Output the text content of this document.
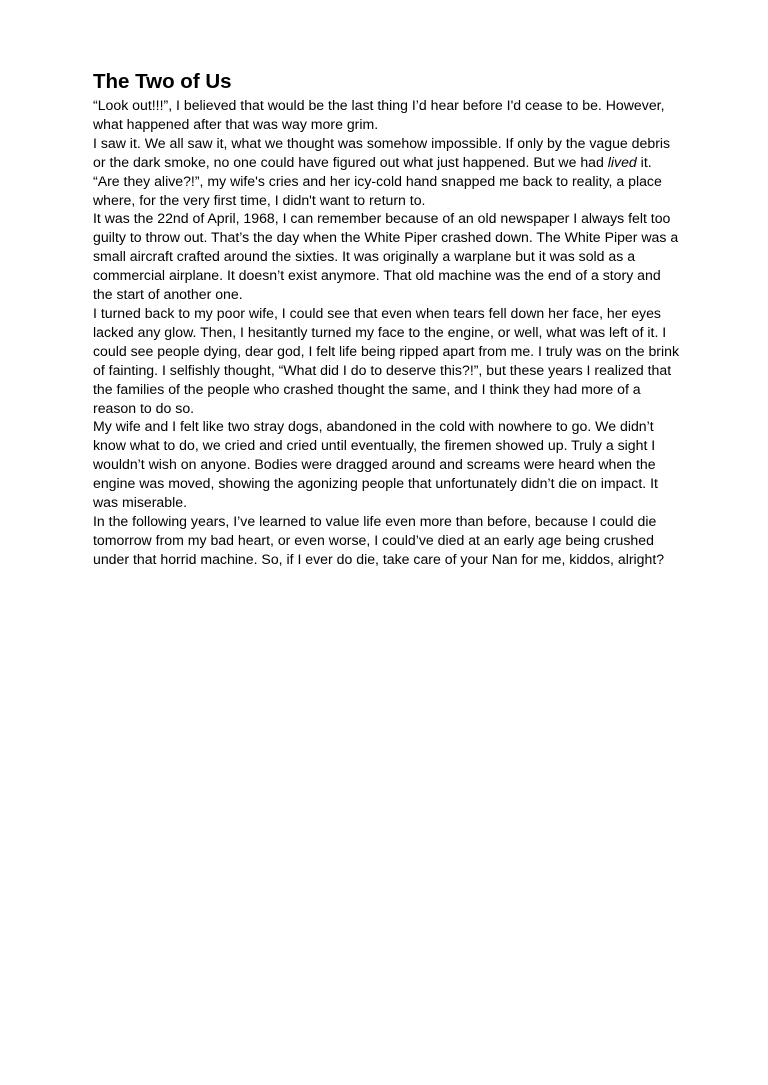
The Two of Us

“Look out!!!”, I believed that would be the last thing I’d hear before I'd cease to be. However, what happened after that was way more grim.

I saw it. We all saw it, what we thought was somehow impossible. If only by the vague debris or the dark smoke, no one could have figured out what just happened. But we had lived it.

“Are they alive?!”, my wife's cries and her icy-cold hand snapped me back to reality, a place where, for the very first time, I didn't want to return to.

It was the 22nd of April, 1968, I can remember because of an old newspaper I always felt too guilty to throw out. That’s the day when the White Piper crashed down. The White Piper was a small aircraft crafted around the sixties. It was originally a warplane but it was sold as a commercial airplane. It doesn’t exist anymore. That old machine was the end of a story and the start of another one.

I turned back to my poor wife, I could see that even when tears fell down her face, her eyes lacked any glow. Then, I hesitantly turned my face to the engine, or well, what was left of it. I could see people dying, dear god, I felt life being ripped apart from me. I truly was on the brink of fainting. I selfishly thought, “What did I do to deserve this?!”, but these years I realized that the families of the people who crashed thought the same, and I think they had more of a reason to do so.

My wife and I felt like two stray dogs, abandoned in the cold with nowhere to go. We didn’t know what to do, we cried and cried until eventually, the firemen showed up. Truly a sight I wouldn’t wish on anyone. Bodies were dragged around and screams were heard when the engine was moved, showing the agonizing people that unfortunately didn’t die on impact. It was miserable.

In the following years, I’ve learned to value life even more than before, because I could die tomorrow from my bad heart, or even worse, I could’ve died at an early age being crushed under that horrid machine. So, if I ever do die, take care of your Nan for me, kiddos, alright?
